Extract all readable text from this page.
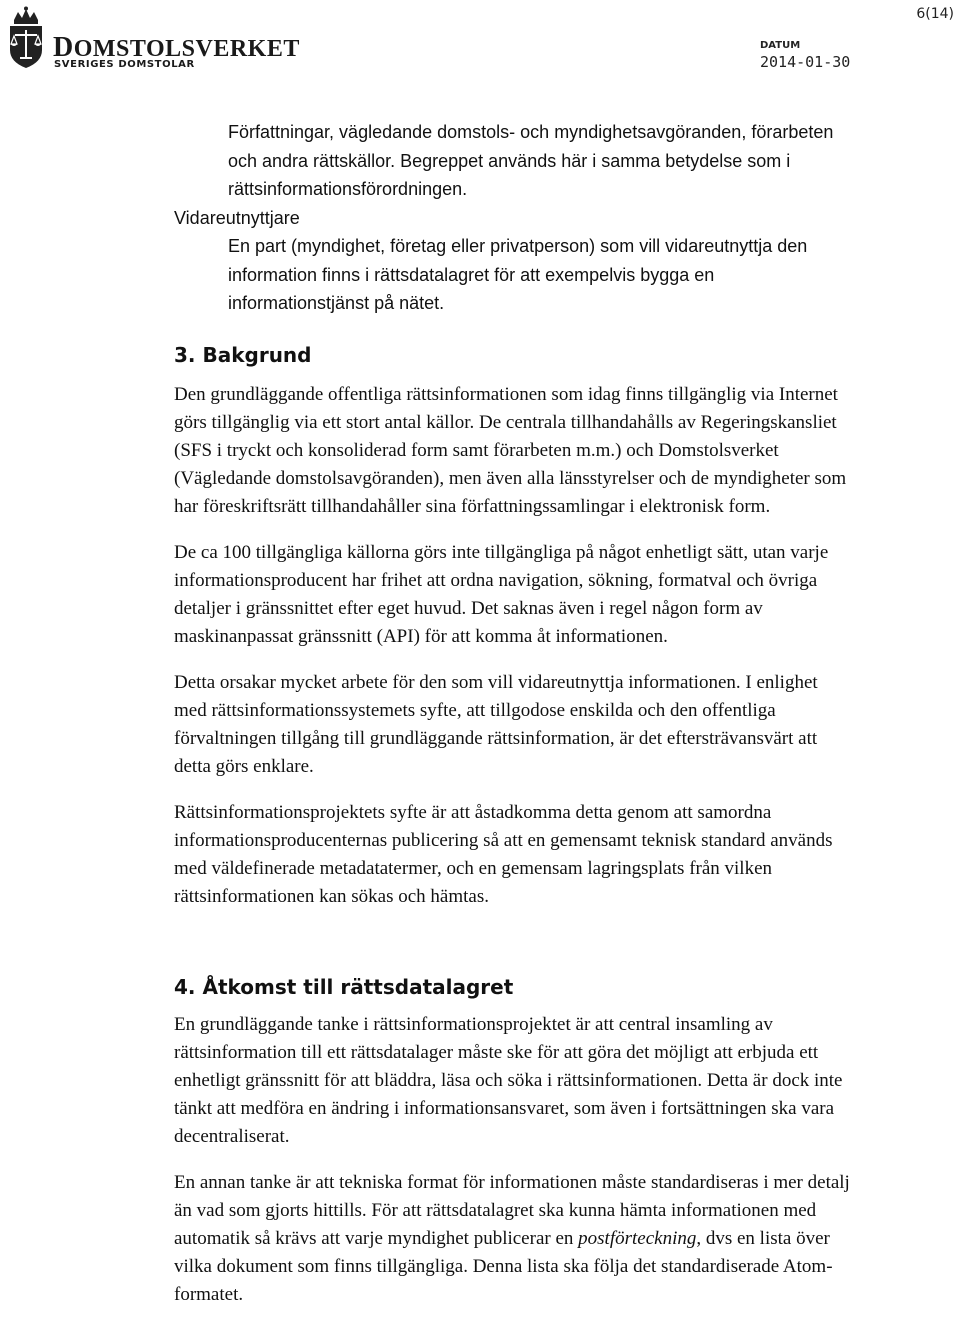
6(14)
DOMSTOLSVERKET
SVERIGES DOMSTOLAR
DATUM
2014-01-30
Författningar, vägledande domstols- och myndighetsavgöranden, förarbeten och andra rättskällor. Begreppet används här i samma betydelse som i rättsinformationsförordningen.
Vidareutnyttjare
En part (myndighet, företag eller privatperson) som vill vidareutnyttja den information finns i rättsdatalagret för att exempelvis bygga en informationstjänst på nätet.
3. Bakgrund

Den grundläggande offentliga rättsinformationen som idag finns tillgänglig via Internet görs tillgänglig via ett stort antal källor. De centrala tillhandahålls av Regeringskansliet (SFS i tryckt och konsoliderad form samt förarbeten m.m.) och Domstolsverket (Vägledande domstolsavgöranden), men även alla länsstyrelser och de myndigheter som har föreskriftsrätt tillhandahåller sina författningssamlingar i elektronisk form.

De ca 100 tillgängliga källorna görs inte tillgängliga på något enhetligt sätt, utan varje informationsproducent har frihet att ordna navigation, sökning, formatval och övriga detaljer i gränssnittet efter eget huvud. Det saknas även i regel någon form av maskinanpassat gränssnitt (API) för att komma åt informationen.

Detta orsakar mycket arbete för den som vill vidareutnyttja informationen. I enlighet med rättsinformationssystemets syfte, att tillgodose enskilda och den offentliga förvaltningen tillgång till grundläggande rättsinformation, är det eftersträvansvärt att detta görs enklare.

Rättsinformationsprojektets syfte är att åstadkomma detta genom att samordna informationsproducenternas publicering så att en gemensamt teknisk standard används med väldefinerade metadatatermer, och en gemensam lagringsplats från vilken rättsinformationen kan sökas och hämtas.

4. Åtkomst till rättsdatalagret

En grundläggande tanke i rättsinformationsprojektet är att central insamling av rättsinformation till ett rättsdatalager måste ske för att göra det möjligt att erbjuda ett enhetligt gränssnitt för att bläddra, läsa och söka i rättsinformationen. Detta är dock inte tänkt att medföra en ändring i informationsansvaret, som även i fortsättningen ska vara decentraliserat.

En annan tanke är att tekniska format för informationen måste standardiseras i mer detalj än vad som gjorts hittills. För att rättsdatalagret ska kunna hämta informationen med automatik så krävs att varje myndighet publicerar en postförteckning, dvs en lista över vilka dokument som finns tillgängliga. Denna lista ska följa det standardiserade Atom-formatet.
